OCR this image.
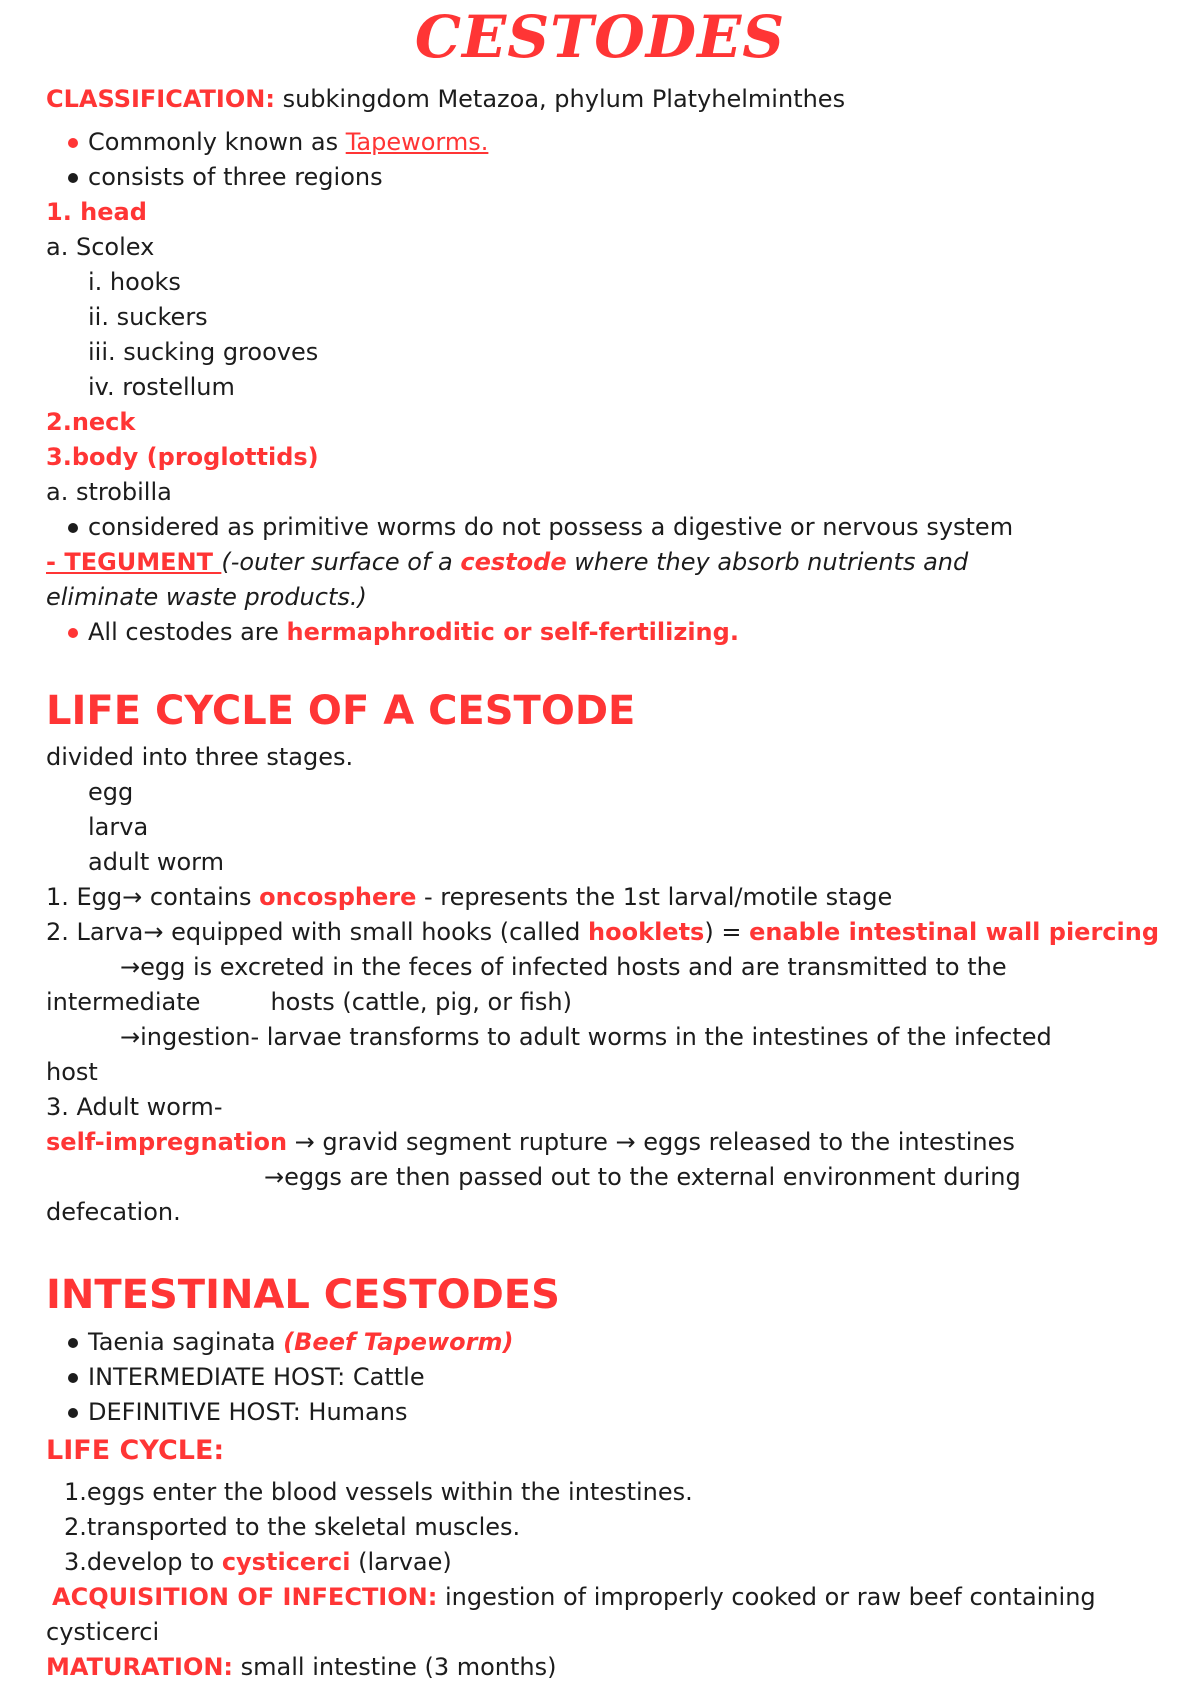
CESTODES
CLASSIFICATION: subkingdom Metazoa, phylum Platyhelminthes
Commonly known as Tapeworms.
consists of three regions
1. head
a. Scolex
i. hooks
ii. suckers
iii. sucking grooves
iv. rostellum
2.neck
3.body (proglottids)
a. strobilla
considered as primitive worms do not possess a digestive or nervous system
- TEGUMENT (-outer surface of a cestode where they absorb nutrients and
eliminate waste products.)
All cestodes are hermaphroditic or self-fertilizing.
LIFE CYCLE OF A CESTODE
divided into three stages.
egg
larva
adult worm
1. Egg→ contains oncosphere - represents the 1st larval/motile stage
2. Larva→ equipped with small hooks (called hooklets) = enable intestinal wall piercing
→egg is excreted in the feces of infected hosts and are transmitted to the
intermediate	hosts (cattle, pig, or fish)
→ingestion- larvae transforms to adult worms in the intestines of the infected
host
3. Adult worm-
self-impregnation → gravid segment rupture → eggs released to the intestines
→eggs are then passed out to the external environment during
defecation.
INTESTINAL CESTODES
Taenia saginata (Beef Tapeworm)
INTERMEDIATE HOST: Cattle
DEFINITIVE HOST: Humans
LIFE CYCLE:
1.eggs enter the blood vessels within the intestines.
2.transported to the skeletal muscles.
3.develop to cysticerci (larvae)
ACQUISITION OF INFECTION: ingestion of improperly cooked or raw beef containing
cysticerci
MATURATION: small intestine (3 months)
